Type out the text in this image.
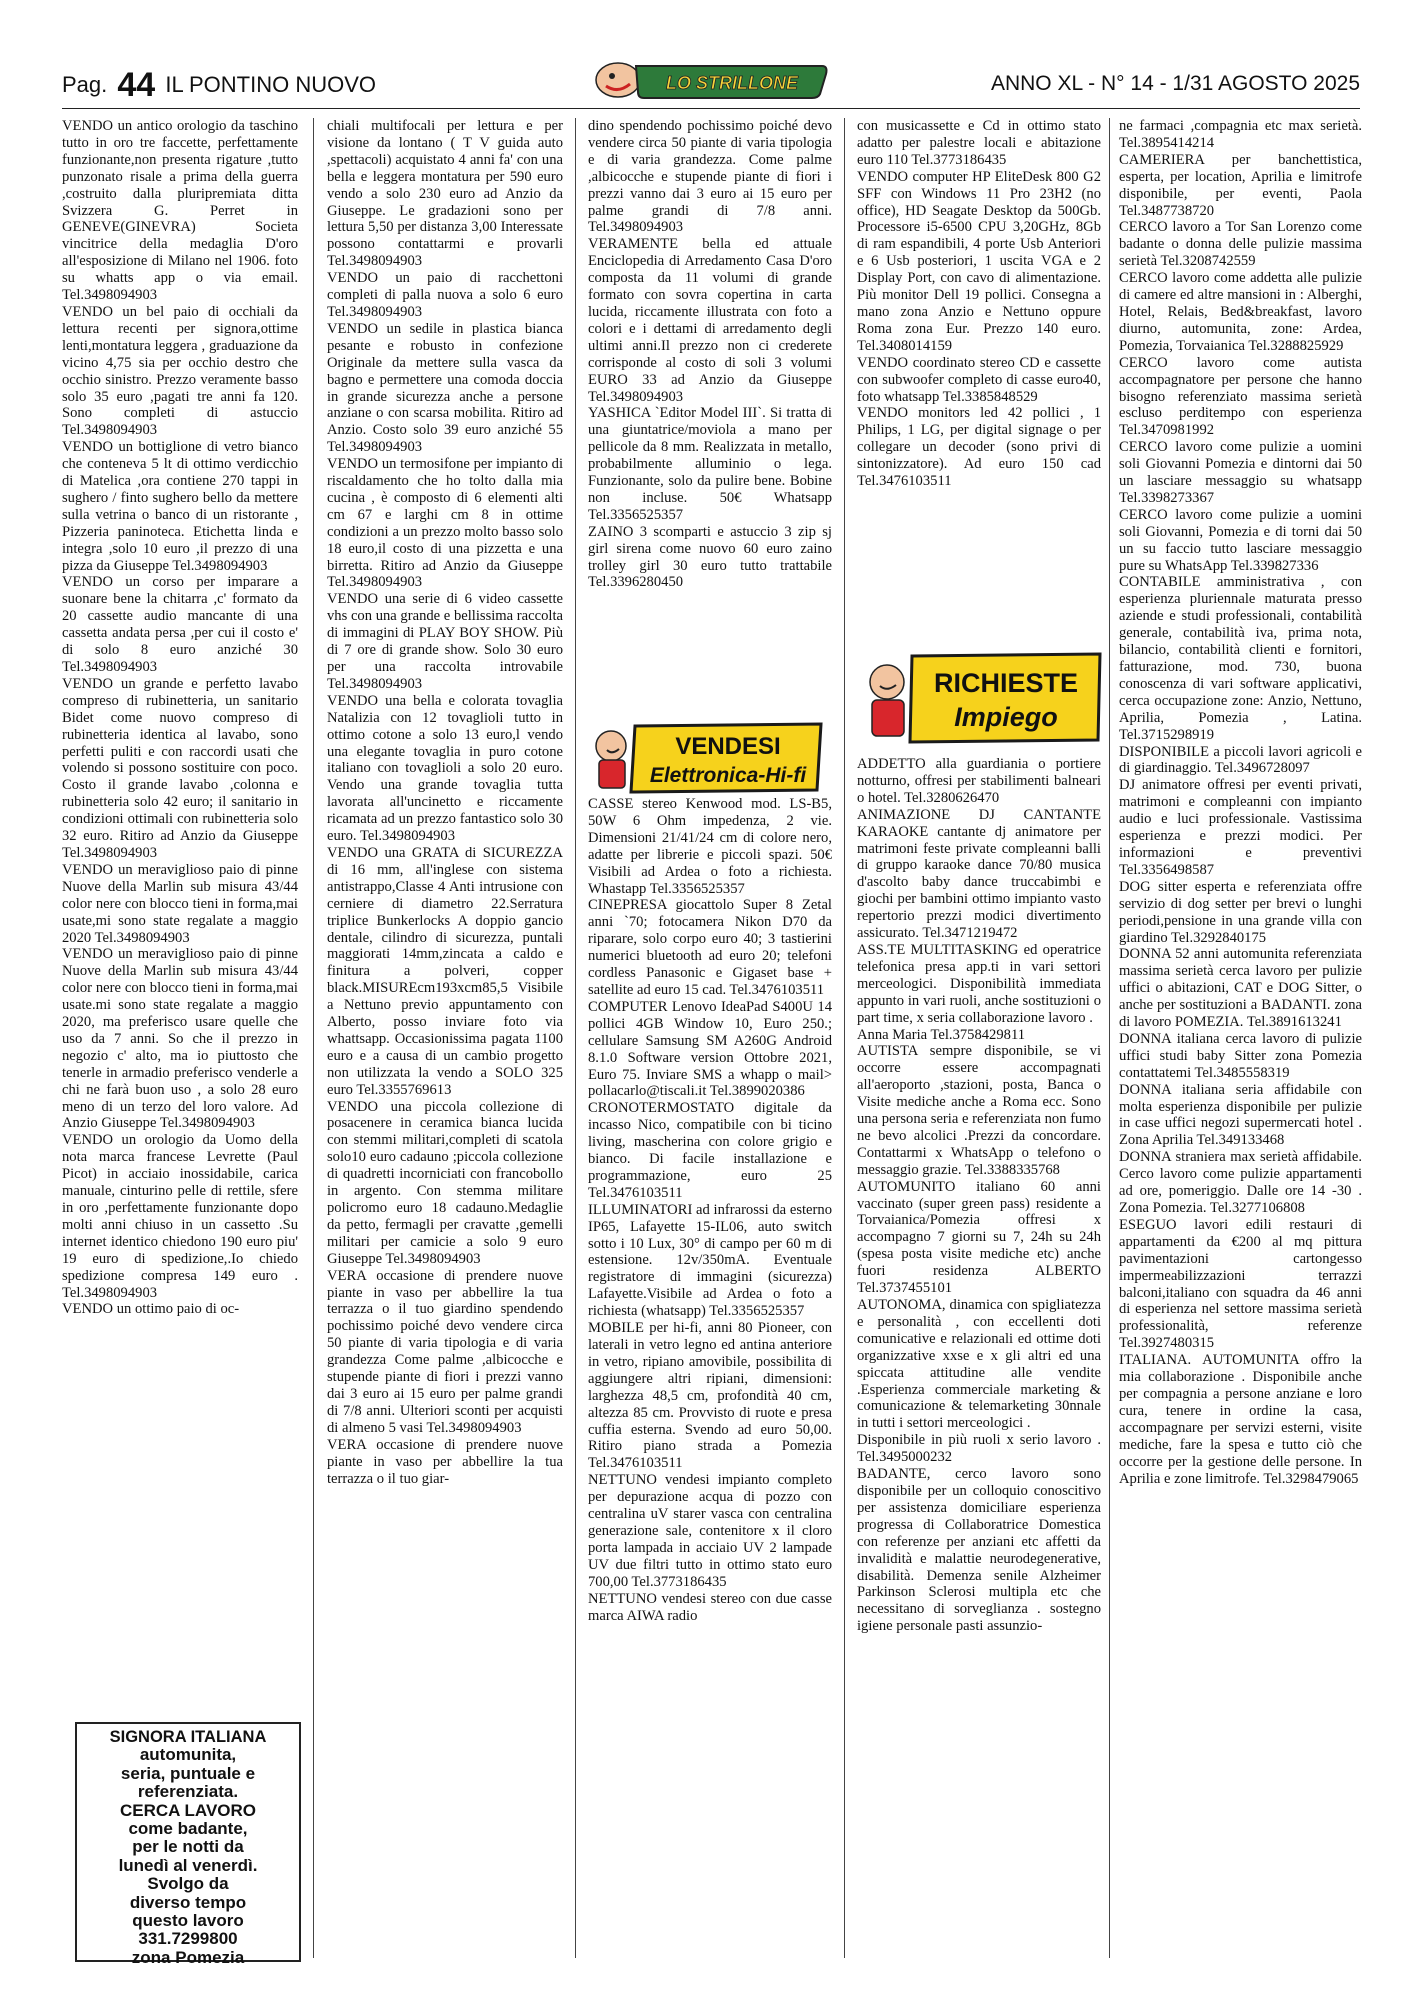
Pag. 44 IL PONTINO NUOVO	LO STRILLONE	ANNO XL - N° 14 - 1/31 AGOSTO 2025

VENDO un antico orologio da taschino tutto in oro tre faccette, perfettamente funzionante,non presenta rigature ,tutto punzonato risale a prima della guerra ,costruito dalla pluripremiata ditta Svizzera G. Perret in GENEVE(GINEVRA) Societa vincitrice della medaglia D'oro all'esposizione di Milano nel 1906. foto su whatts app o via email. Tel.3498094903
VENDO un bel paio di occhiali da lettura recenti per signora,ottime lenti,montatura leggera , graduazione da vicino 4,75 sia per occhio destro che occhio sinistro. Prezzo veramente basso solo 35 euro ,pagati tre anni fa 120. Sono completi di astuccio Tel.3498094903
VENDO un bottiglione di vetro bianco che conteneva 5 lt di ottimo verdicchio di Matelica ,ora contiene 270 tappi in sughero / finto sughero bello da mettere sulla vetrina o banco di un ristorante , Pizzeria paninoteca. Etichetta linda e integra ,solo 10 euro ,il prezzo di una pizza da Giuseppe Tel.3498094903
VENDO un corso per imparare a suonare bene la chitarra ,c' formato da 20 cassette audio mancante di una cassetta andata persa ,per cui il costo e' di solo 8 euro anziché 30 Tel.3498094903
VENDO un grande e perfetto lavabo compreso di rubinetteria, un sanitario Bidet come nuovo compreso di rubinetteria identica al lavabo, sono perfetti puliti e con raccordi usati che volendo si possono sostituire con poco. Costo il grande lavabo ,colonna e rubinetteria solo 42 euro; il sanitario in condizioni ottimali con rubinetteria solo 32 euro. Ritiro ad Anzio da Giuseppe Tel.3498094903
VENDO un meraviglioso paio di pinne Nuove della Marlin sub misura 43/44 color nere con blocco tieni in forma,mai usate,mi sono state regalate a maggio 2020 Tel.3498094903
VENDO un meraviglioso paio di pinne Nuove della Marlin sub misura 43/44 color nere con blocco tieni in forma,mai usate.mi sono state regalate a maggio 2020, ma preferisco usare quelle che uso da 7 anni. So che il prezzo in negozio c' alto, ma io piuttosto che tenerle in armadio preferisco venderle a chi ne farà buon uso , a solo 28 euro meno di un terzo del loro valore. Ad Anzio Giuseppe Tel.3498094903
VENDO un orologio da Uomo della nota marca francese Levrette (Paul Picot) in acciaio inossidabile, carica manuale, cinturino pelle di rettile, sfere in oro ,perfettamente funzionante dopo molti anni chiuso in un cassetto .Su internet identico chiedono 190 euro piu' 19 euro di spedizione,.Io chiedo spedizione compresa 149 euro . Tel.3498094903
VENDO un ottimo paio di oc-

SIGNORA ITALIANA
automunita,
seria, puntuale e
referenziata.
CERCA LAVORO
come badante,
per le notti da
lunedì al venerdì.
Svolgo da
diverso tempo
questo lavoro
331.7299800
zona Pomezia

chiali multifocali per lettura e per visione da lontano ( T V guida auto ,spettacoli) acquistato 4 anni fa' con una bella e leggera montatura per 590 euro vendo a solo 230 euro ad Anzio da Giuseppe. Le gradazioni sono per lettura 5,50 per distanza 3,00 Interessate possono contattarmi e provarli Tel.3498094903
VENDO un paio di racchettoni completi di palla nuova a solo 6 euro Tel.3498094903
VENDO un sedile in plastica bianca pesante e robusto in confezione Originale da mettere sulla vasca da bagno e permettere una comoda doccia in grande sicurezza anche a persone anziane o con scarsa mobilita. Ritiro ad Anzio. Costo solo 39 euro anziché 55 Tel.3498094903
VENDO un termosifone per impianto di riscaldamento che ho tolto dalla mia cucina , è composto di 6 elementi alti cm 67 e larghi cm 8 in ottime condizioni a un prezzo molto basso solo 18 euro,il costo di una pizzetta e una birretta. Ritiro ad Anzio da Giuseppe Tel.3498094903
VENDO una serie di 6 video cassette vhs con una grande e bellissima raccolta di immagini di PLAY BOY SHOW. Più di 7 ore di grande show. Solo 30 euro per una raccolta introvabile Tel.3498094903
VENDO una bella e colorata tovaglia Natalizia con 12 tovaglioli tutto in ottimo cotone a solo 13 euro,l vendo una elegante tovaglia in puro cotone italiano con tovaglioli a solo 20 euro. Vendo una grande tovaglia tutta lavorata all'uncinetto e riccamente ricamata ad un prezzo fantastico solo 30 euro. Tel.3498094903
VENDO una GRATA di SICUREZZA di 16 mm, all'inglese con sistema antistrappo,Classe 4 Anti intrusione con cerniere di diametro 22.Serratura triplice Bunkerlocks A doppio gancio dentale, cilindro di sicurezza, puntali maggiorati 14mm,zincata a caldo e finitura a polveri, copper black.MISUREcm193xcm85,5 Visibile a Nettuno previo appuntamento con Alberto, posso inviare foto via whattsapp. Occasionissima pagata 1100 euro e a causa di un cambio progetto non utilizzata la vendo a SOLO 325 euro Tel.3355769613
VENDO una piccola collezione di posacenere in ceramica bianca lucida con stemmi militari,completi di scatola solo10 euro cadauno ;piccola collezione di quadretti incorniciati con francobollo in argento. Con stemma militare policromo euro 18 cadauno.Medaglie da petto, fermagli per cravatte ,gemelli militari per camicie a solo 9 euro Giuseppe Tel.3498094903
VERA occasione di prendere nuove piante in vaso per abbellire la tua terrazza o il tuo giardino spendendo pochissimo poiché devo vendere circa 50 piante di varia tipologia e di varia grandezza Come palme ,albicocche e stupende piante di fiori i prezzi vanno dai 3 euro ai 15 euro per palme grandi di 7/8 anni. Ulteriori sconti per acquisti di almeno 5 vasi Tel.3498094903
VERA occasione di prendere nuove piante in vaso per abbellire la tua terrazza o il tuo giar-

dino spendendo pochissimo poiché devo vendere circa 50 piante di varia tipologia e di varia grandezza. Come palme ,albicocche e stupende piante di fiori i prezzi vanno dai 3 euro ai 15 euro per palme grandi di 7/8 anni. Tel.3498094903
VERAMENTE bella ed attuale Enciclopedia di Arredamento Casa D'oro composta da 11 volumi di grande formato con sovra copertina in carta lucida, riccamente illustrata con foto a colori e i dettami di arredamento degli ultimi anni.Il prezzo non ci crederete corrisponde al costo di soli 3 volumi EURO 33 ad Anzio da Giuseppe Tel.3498094903
YASHICA `Editor Model III`. Si tratta di una giuntatrice/moviola a mano per pellicole da 8 mm. Realizzata in metallo, probabilmente alluminio o lega. Funzionante, solo da pulire bene. Bobine non incluse. 50€ Whatsapp Tel.3356525357
ZAINO 3 scomparti e astuccio 3 zip sj girl sirena come nuovo 60 euro zaino trolley girl 30 euro tutto trattabile Tel.3396280450

CASSE stereo Kenwood mod. LS-B5, 50W 6 Ohm impedenza, 2 vie. Dimensioni 21/41/24 cm di colore nero, adatte per librerie e piccoli spazi. 50€ Visibili ad Ardea o foto a richiesta. Whastapp Tel.3356525357
CINEPRESA giocattolo Super 8 Zetal anni `70; fotocamera Nikon D70 da riparare, solo corpo euro 40; 3 tastierini numerici bluetooth ad euro 20; telefoni cordless Panasonic e Gigaset base + satellite ad euro 15 cad. Tel.3476103511
COMPUTER Lenovo IdeaPad S400U 14 pollici 4GB Window 10, Euro 250.; cellulare Samsung SM A260G Android 8.1.0 Software version Ottobre 2021, Euro 75. Inviare SMS a whapp o mail> pollacarlo@tiscali.it Tel.3899020386
CRONOTERMOSTATO digitale da incasso Nico, compatibile con bi ticino living, mascherina con colore grigio e bianco. Di facile installazione e programmazione, euro 25 Tel.3476103511
ILLUMINATORI ad infrarossi da esterno IP65, Lafayette 15-IL06, auto switch sotto i 10 Lux, 30° di campo per 60 m di estensione. 12v/350mA. Eventuale registratore di immagini (sicurezza) Lafayette.Visibile ad Ardea o foto a richiesta (whatsapp) Tel.3356525357
MOBILE per hi-fi, anni 80 Pioneer, con laterali in vetro legno ed antina anteriore in vetro, ripiano amovibile, possibilita di aggiungere altri ripiani, dimensioni: larghezza 48,5 cm, profondità 40 cm, altezza 85 cm. Provvisto di ruote e presa cuffia esterna. Svendo ad euro 50,00. Ritiro piano strada a Pomezia Tel.3476103511
NETTUNO vendesi impianto completo per depurazione acqua di pozzo con centralina uV starer vasca con centralina generazione sale, contenitore x il cloro porta lampada in acciaio UV 2 lampade UV due filtri tutto in ottimo stato euro 700,00 Tel.3773186435
NETTUNO vendesi stereo con due casse marca AIWA radio

VENDESI
Elettronica-Hi-fi

con musicassette e Cd in ottimo stato adatto per palestre locali e abitazione euro 110 Tel.3773186435
VENDO computer HP EliteDesk 800 G2 SFF con Windows 11 Pro 23H2 (no office), HD Seagate Desktop da 500Gb. Processore i5-6500 CPU 3,20GHz, 8Gb di ram espandibili, 4 porte Usb Anteriori e 6 Usb posteriori, 1 uscita VGA e 2 Display Port, con cavo di alimentazione. Più monitor Dell 19 pollici. Consegna a mano zona Anzio e Nettuno oppure Roma zona Eur. Prezzo 140 euro. Tel.3408014159
VENDO coordinato stereo CD e cassette con subwoofer completo di casse euro40, foto whatsapp Tel.3385848529
VENDO monitors led 42 pollici , 1 Philips, 1 LG, per digital signage o per collegare un decoder (sono privi di sintonizzatore). Ad euro 150 cad Tel.3476103511

ADDETTO alla guardiania o portiere notturno, offresi per stabilimenti balneari o hotel. Tel.3280626470
ANIMAZIONE DJ CANTANTE KARAOKE cantante dj animatore per matrimoni feste private compleanni balli di gruppo karaoke dance 70/80 musica d'ascolto baby dance truccabimbi e giochi per bambini ottimo impianto vasto repertorio prezzi modici divertimento assicurato. Tel.3471219472
ASS.TE MULTITASKING ed operatrice telefonica presa app.ti in vari settori merceologici. Disponibilità immediata appunto in vari ruoli, anche sostituzioni o part time, x seria collaborazione lavoro .
Anna Maria Tel.3758429811
AUTISTA sempre disponibile, se vi occorre essere accompagnati all'aeroporto ,stazioni, posta, Banca o Visite mediche anche a Roma ecc. Sono una persona seria e referenziata non fumo ne bevo alcolici .Prezzi da concordare. Contattarmi x WhatsApp o telefono o messaggio grazie. Tel.3388335768
AUTOMUNITO italiano 60 anni vaccinato (super green pass) residente a Torvaianica/Pomezia offresi x accompagno 7 giorni su 7, 24h su 24h (spesa posta visite mediche etc) anche fuori residenza ALBERTO Tel.3737455101
AUTONOMA, dinamica con spigliatezza e personalità , con eccellenti doti comunicative e relazionali ed ottime doti organizzative xxse e x gli altri ed una spiccata attitudine alle vendite .Esperienza commerciale marketing & comunicazione & telemarketing 30nnale in tutti i settori merceologici .
Disponibile in più ruoli x serio lavoro . Tel.3495000232
BADANTE, cerco lavoro sono disponibile per un colloquio conoscitivo per assistenza domiciliare esperienza progressa di Collaboratrice Domestica con referenze per anziani etc affetti da invalidità e malattie neurodegenerative, disabilità. Demenza senile Alzheimer Parkinson Sclerosi multipla etc che necessitano di sorveglianza . sostegno igiene personale pasti assunzio-

RICHIESTE
Impiego

ne farmaci ,compagnia etc max serietà. Tel.3895414214
CAMERIERA per banchettistica, esperta, per location, Aprilia e limitrofe disponibile, per eventi, Paola Tel.3487738720
CERCO lavoro a Tor San Lorenzo come badante o donna delle pulizie massima serietà Tel.3208742559
CERCO lavoro come addetta alle pulizie di camere ed altre mansioni in : Alberghi, Hotel, Relais, Bed&breakfast, lavoro diurno, automunita, zone: Ardea, Pomezia, Torvaianica Tel.3288825929
CERCO lavoro come autista accompagnatore per persone che hanno bisogno referenziato massima serietà escluso perditempo con esperienza Tel.3470981992
CERCO lavoro come pulizie a uomini soli Giovanni Pomezia e dintorni dai 50 un lasciare messaggio su whatsapp Tel.3398273367
CERCO lavoro come pulizie a uomini soli Giovanni, Pomezia e di torni dai 50 un su faccio tutto lasciare messaggio pure su WhatsApp Tel.339827336
CONTABILE amministrativa , con esperienza pluriennale maturata presso aziende e studi professionali, contabilità generale, contabilità iva, prima nota, bilancio, contabilità clienti e fornitori, fatturazione, mod. 730, buona conoscenza di vari software applicativi, cerca occupazione zone: Anzio, Nettuno, Aprilia, Pomezia , Latina. Tel.3715298919
DISPONIBILE a piccoli lavori agricoli e di giardinaggio. Tel.3496728097
DJ animatore offresi per eventi privati, matrimoni e compleanni con impianto audio e luci professionale. Vastissima esperienza e prezzi modici. Per informazioni e preventivi Tel.3356498587
DOG sitter esperta e referenziata offre servizio di dog setter per brevi o lunghi periodi,pensione in una grande villa con giardino Tel.3292840175
DONNA 52 anni automunita referenziata massima serietà cerca lavoro per pulizie uffici o abitazioni, CAT e DOG Sitter, o anche per sostituzioni a BADANTI. zona di lavoro POMEZIA. Tel.3891613241
DONNA italiana cerca lavoro di pulizie uffici studi baby Sitter zona Pomezia contattatemi Tel.3485558319
DONNA italiana seria affidabile con molta esperienza disponibile per pulizie in case uffici negozi supermercati hotel . Zona Aprilia Tel.349133468
DONNA straniera max serietà affidabile. Cerco lavoro come pulizie appartamenti ad ore, pomeriggio. Dalle ore 14 -30 . Zona Pomezia. Tel.3277106808
ESEGUO lavori edili restauri di appartamenti da €200 al mq pittura pavimentazioni cartongesso impermeabilizzazioni terrazzi balconi,italiano con squadra da 46 anni di esperienza nel settore massima serietà professionalità, referenze Tel.3927480315
ITALIANA. AUTOMUNITA offro la mia collaborazione . Disponibile anche per compagnia a persone anziane e loro cura, tenere in ordine la casa, accompagnare per servizi esterni, visite mediche, fare la spesa e tutto ciò che occorre per la gestione delle persone. In Aprilia e zone limitrofe. Tel.3298479065
